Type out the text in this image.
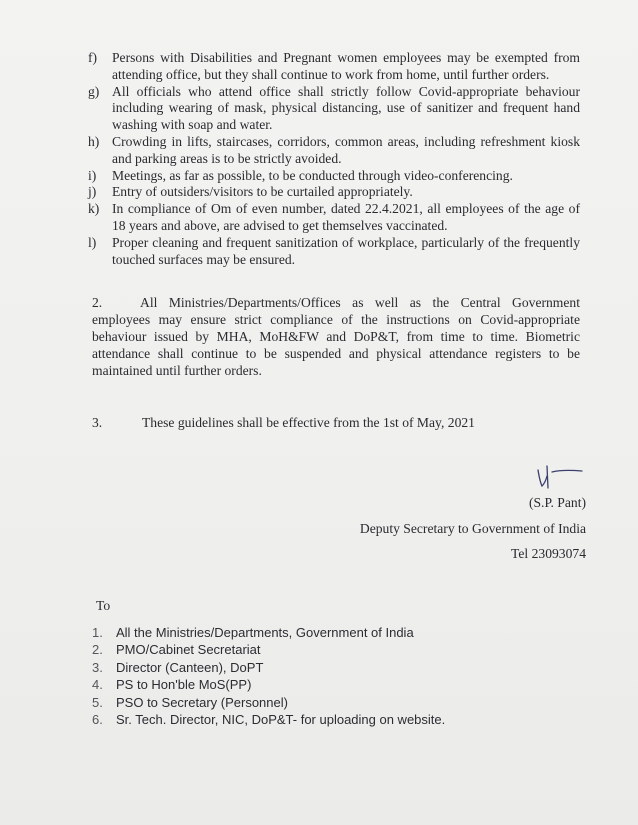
f)	Persons with Disabilities and Pregnant women employees may be exempted from attending office, but they shall continue to work from home, until further orders.
g) All officials who attend office shall strictly follow Covid-appropriate behaviour including wearing of mask, physical distancing, use of sanitizer and frequent hand washing with soap and water.
h) Crowding in lifts, staircases, corridors, common areas, including refreshment kiosk and parking areas is to be strictly avoided.
i)	Meetings, as far as possible, to be conducted through video-conferencing.
j)	Entry of outsiders/visitors to be curtailed appropriately.
k) In compliance of Om of even number, dated 22.4.2021, all employees of the age of 18 years and above, are advised to get themselves vaccinated.
l)	Proper cleaning and frequent sanitization of workplace, particularly of the frequently touched surfaces may be ensured.
2.	All Ministries/Departments/Offices as well as the Central Government employees may ensure strict compliance of the instructions on Covid-appropriate behaviour issued by MHA, MoH&FW and DoP&T, from time to time. Biometric attendance shall continue to be suspended and physical attendance registers to be maintained until further orders.
3.	These guidelines shall be effective from the 1st of May, 2021
(S.P. Pant)
Deputy Secretary to Government of India
Tel 23093074
To
1.	All the Ministries/Departments, Government of India
2.	PMO/Cabinet Secretariat
3.	Director (Canteen), DoPT
4.	PS to Hon'ble MoS(PP)
5.	PSO to Secretary (Personnel)
6.	Sr. Tech. Director, NIC, DoP&T- for uploading on website.
